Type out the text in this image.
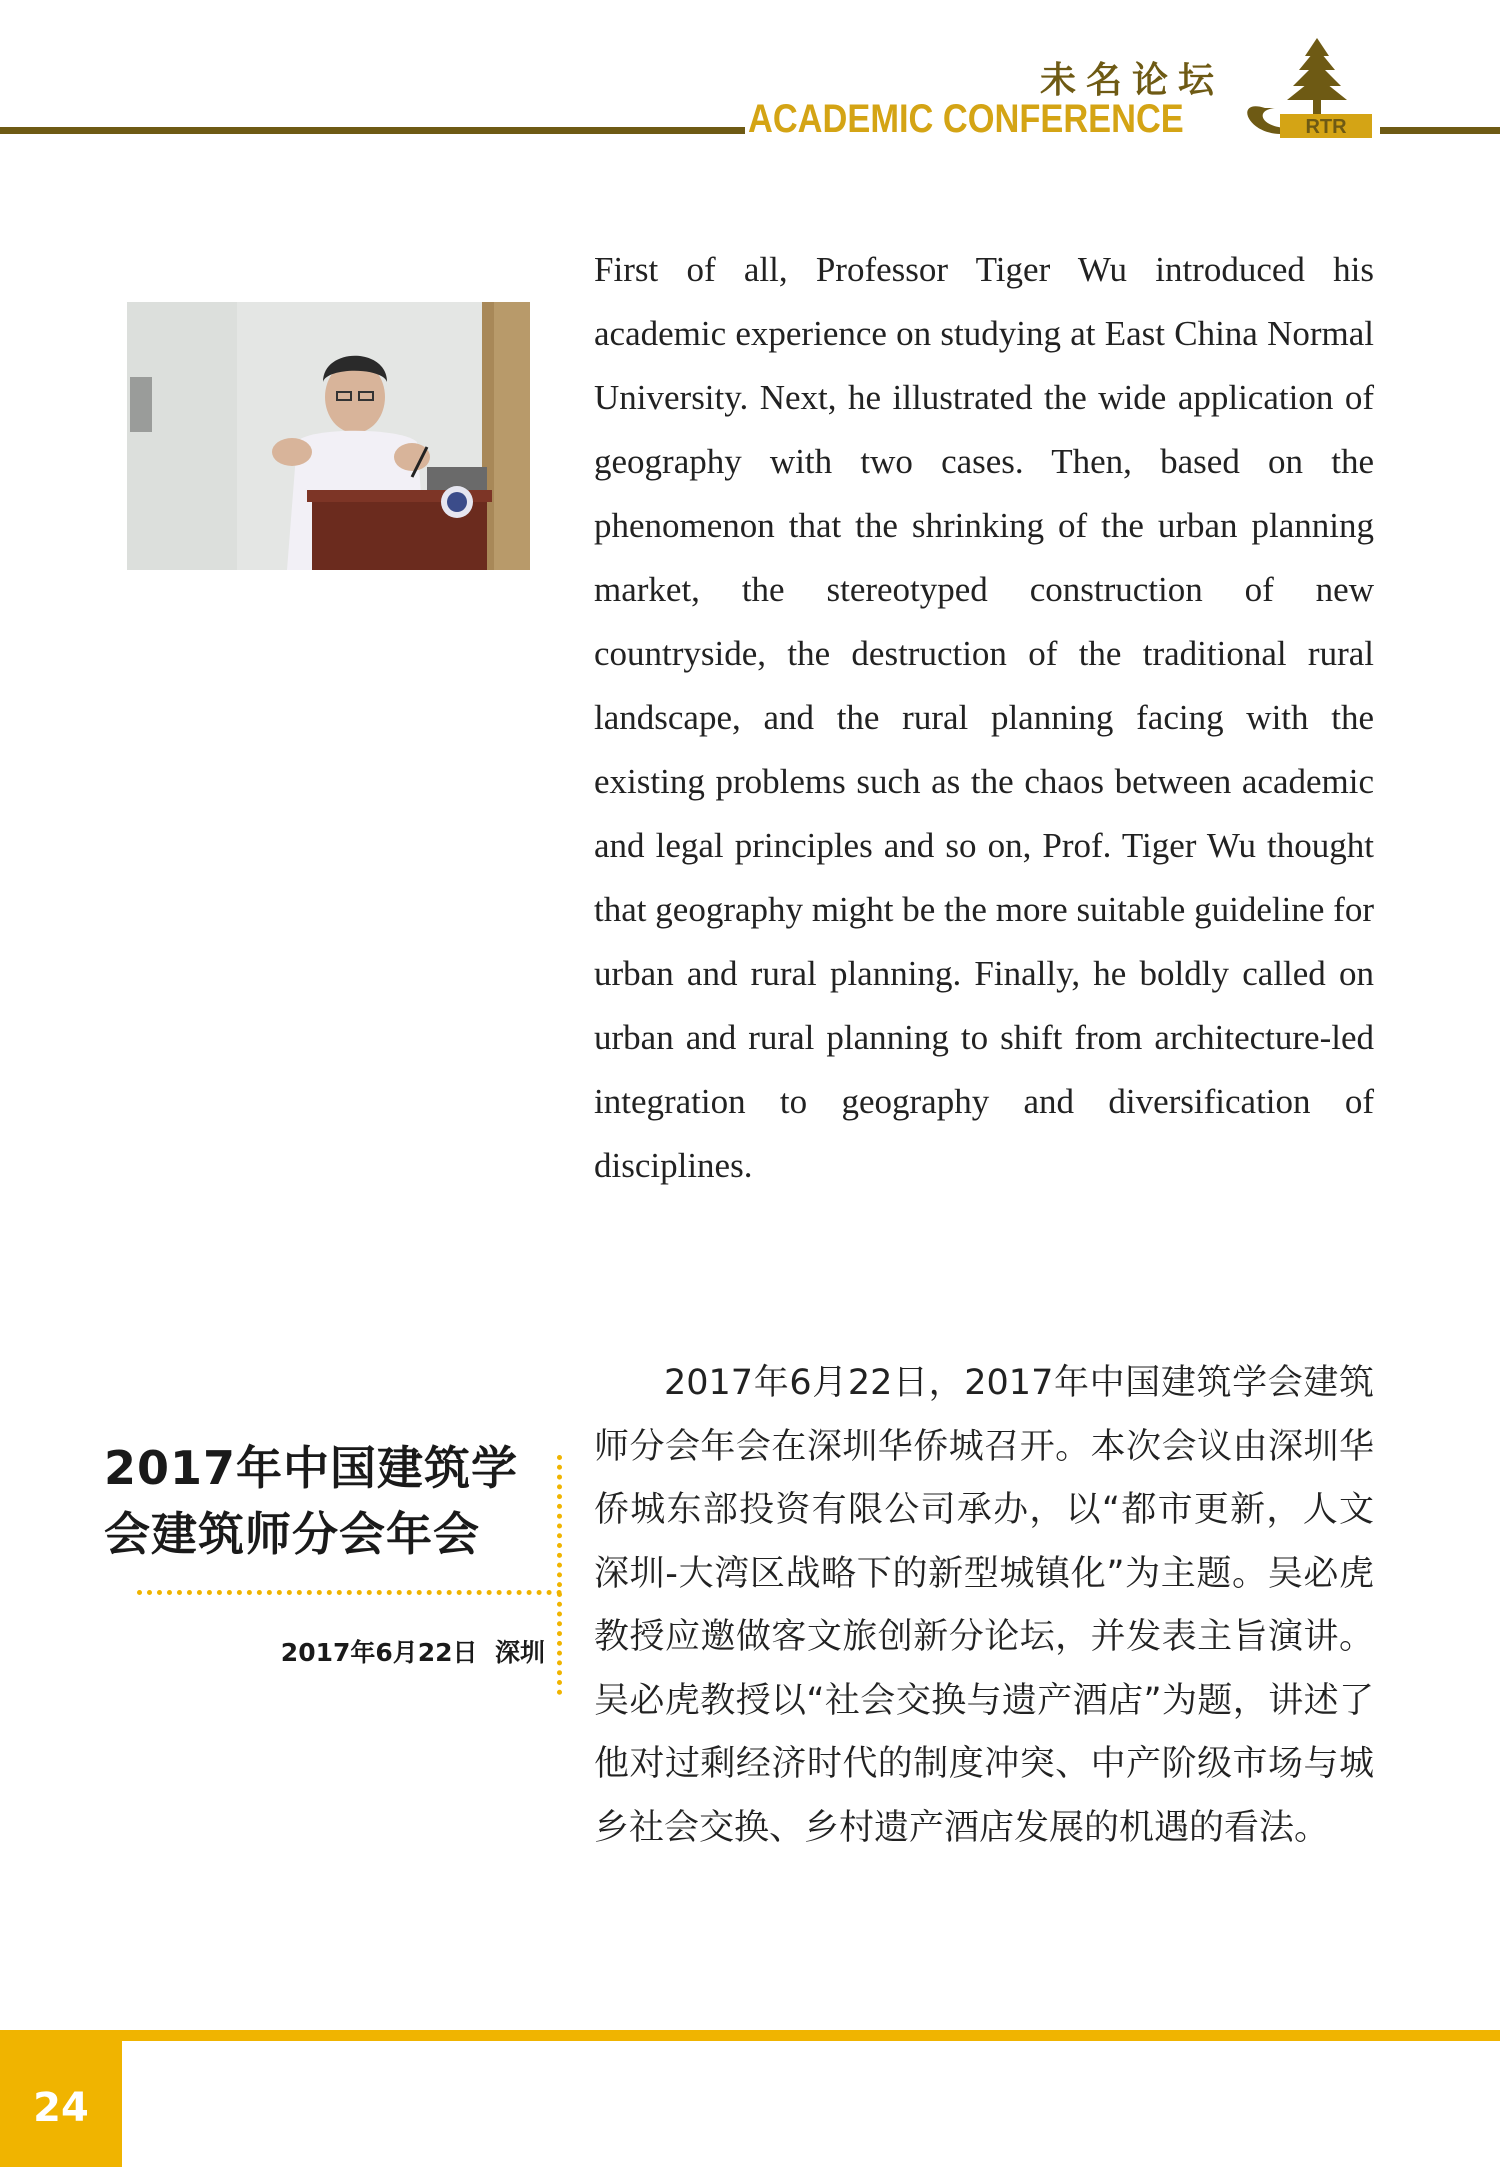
未名论坛
ACADEMIC CONFERENCE	RTR

First of all, Professor Tiger Wu introduced his academic experience on studying at East China Normal University. Next, he illustrated the wide application of geography with two cases. Then, based on the phenomenon that the shrinking of the urban planning market, the stereotyped construction of new countryside, the destruction of the traditional rural landscape, and the rural planning facing with the existing problems such as the chaos between academic and legal principles and so on, Prof. Tiger Wu thought that geography might be the more suitable guideline for urban and rural planning. Finally, he boldly called on urban and rural planning to shift from architecture-led integration to geography and diversification of disciplines.

2017年中国建筑学
会建筑师分会年会
2017年6月22日 深圳

2017年6月22日，2017年中国建筑学会建筑师分会年会在深圳华侨城召开。本次会议由深圳华侨城东部投资有限公司承办，以“都市更新，人文深圳-大湾区战略下的新型城镇化”为主题。吴必虎教授应邀做客文旅创新分论坛，并发表主旨演讲。吴必虎教授以“社会交换与遗产酒店”为题，讲述了他对过剩经济时代的制度冲突、中产阶级市场与城乡社会交换、乡村遗产酒店发展的机遇的看法。

24
